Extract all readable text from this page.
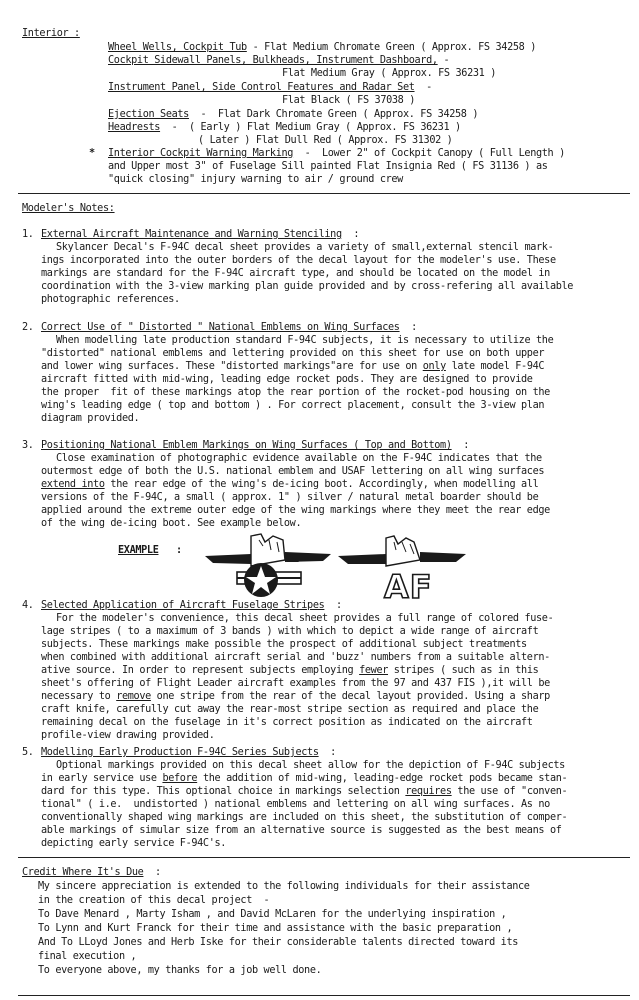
Interior :
Wheel Wells, Cockpit Tub - Flat Medium Chromate Green ( Approx. FS 34258 )
Cockpit Sidewall Panels, Bulkheads, Instrument Dashboard, -
Flat Medium Gray ( Approx. FS 36231 )
Instrument Panel, Side Control Features and Radar Set  -
Flat Black ( FS 37038 )
Ejection Seats  -  Flat Dark Chromate Green ( Approx. FS 34258 )
Headrests  -  ( Early ) Flat Medium Gray ( Approx. FS 36231 )
( Later ) Flat Dull Red ( Approx. FS 31302 )
* Interior Cockpit Warning Marking  -  Lower 2" of Cockpit Canopy ( Full Length )
and Upper most 3" of Fuselage Sill painted Flat Insignia Red ( FS 31136 ) as
"quick closing" injury warning to air / ground crew
Modeler's Notes:
1. External Aircraft Maintenance and Warning Stenciling  :
Skylancer Decal's F-94C decal sheet provides a variety of small,external stencil mark-
ings incorporated into the outer borders of the decal layout for the modeler's use. These
markings are standard for the F-94C aircraft type, and should be located on the model in
coordination with the 3-view marking plan guide provided and by cross-refering all available
photographic references.
2. Correct Use of " Distorted " National Emblems on Wing Surfaces  :
When modelling late production standard F-94C subjects, it is necessary to utilize the
"distorted" national emblems and lettering provided on this sheet for use on both upper
and lower wing surfaces. These "distorted markings"are for use on only late model F-94C
aircraft fitted with mid-wing, leading edge rocket pods. They are designed to provide
the proper  fit of these markings atop the rear portion of the rocket-pod housing on the
wing's leading edge ( top and bottom ) . For correct placement, consult the 3-view plan
diagram provided.
3. Positioning National Emblem Markings on Wing Surfaces ( Top and Bottom)  :
Close examination of photographic evidence available on the F-94C indicates that the
outermost edge of both the U.S. national emblem and USAF lettering on all wing surfaces
extend into the rear edge of the wing's de-icing boot. Accordingly, when modelling all
versions of the F-94C, a small ( approx. 1" ) silver / natural metal boarder should be
applied around the extreme outer edge of the wing markings where they meet the rear edge
of the wing de-icing boot. See example below.
EXAMPLE :
AF
4. Selected Application of Aircraft Fuselage Stripes  :
For the modeler's convenience, this decal sheet provides a full range of colored fuse-
lage stripes ( to a maximum of 3 bands ) with which to depict a wide range of aircraft
subjects. These markings make possible the prospect of additional subject treatments
when combined with additional aircraft serial and 'buzz' numbers from a suitable altern-
ative source. In order to represent subjects employing fewer stripes ( such as in this
sheet's offering of Flight Leader aircraft examples from the 97 and 437 FIS ),it will be
necessary to remove one stripe from the rear of the decal layout provided. Using a sharp
craft knife, carefully cut away the rear-most stripe section as required and place the
remaining decal on the fuselage in it's correct position as indicated on the aircraft
profile-view drawing provided.
5. Modelling Early Production F-94C Series Subjects  :
Optional markings provided on this decal sheet allow for the depiction of F-94C subjects
in early service use before the addition of mid-wing, leading-edge rocket pods became stan-
dard for this type. This optional choice in markings selection requires the use of "conven-
tional" ( i.e.  undistorted ) national emblems and lettering on all wing surfaces. As no
conventionally shaped wing markings are included on this sheet, the substitution of comper-
able markings of simular size from an alternative source is suggested as the best means of
depicting early service F-94C's.
Credit Where It's Due  :
My sincere appreciation is extended to the following individuals for their assistance
in the creation of this decal project  -
To Dave Menard , Marty Isham , and David McLaren for the underlying inspiration ,
To Lynn and Kurt Franck for their time and assistance with the basic preparation ,
And To LLoyd Jones and Herb Iske for their considerable talents directed toward its
final execution ,
To everyone above, my thanks for a job well done.
